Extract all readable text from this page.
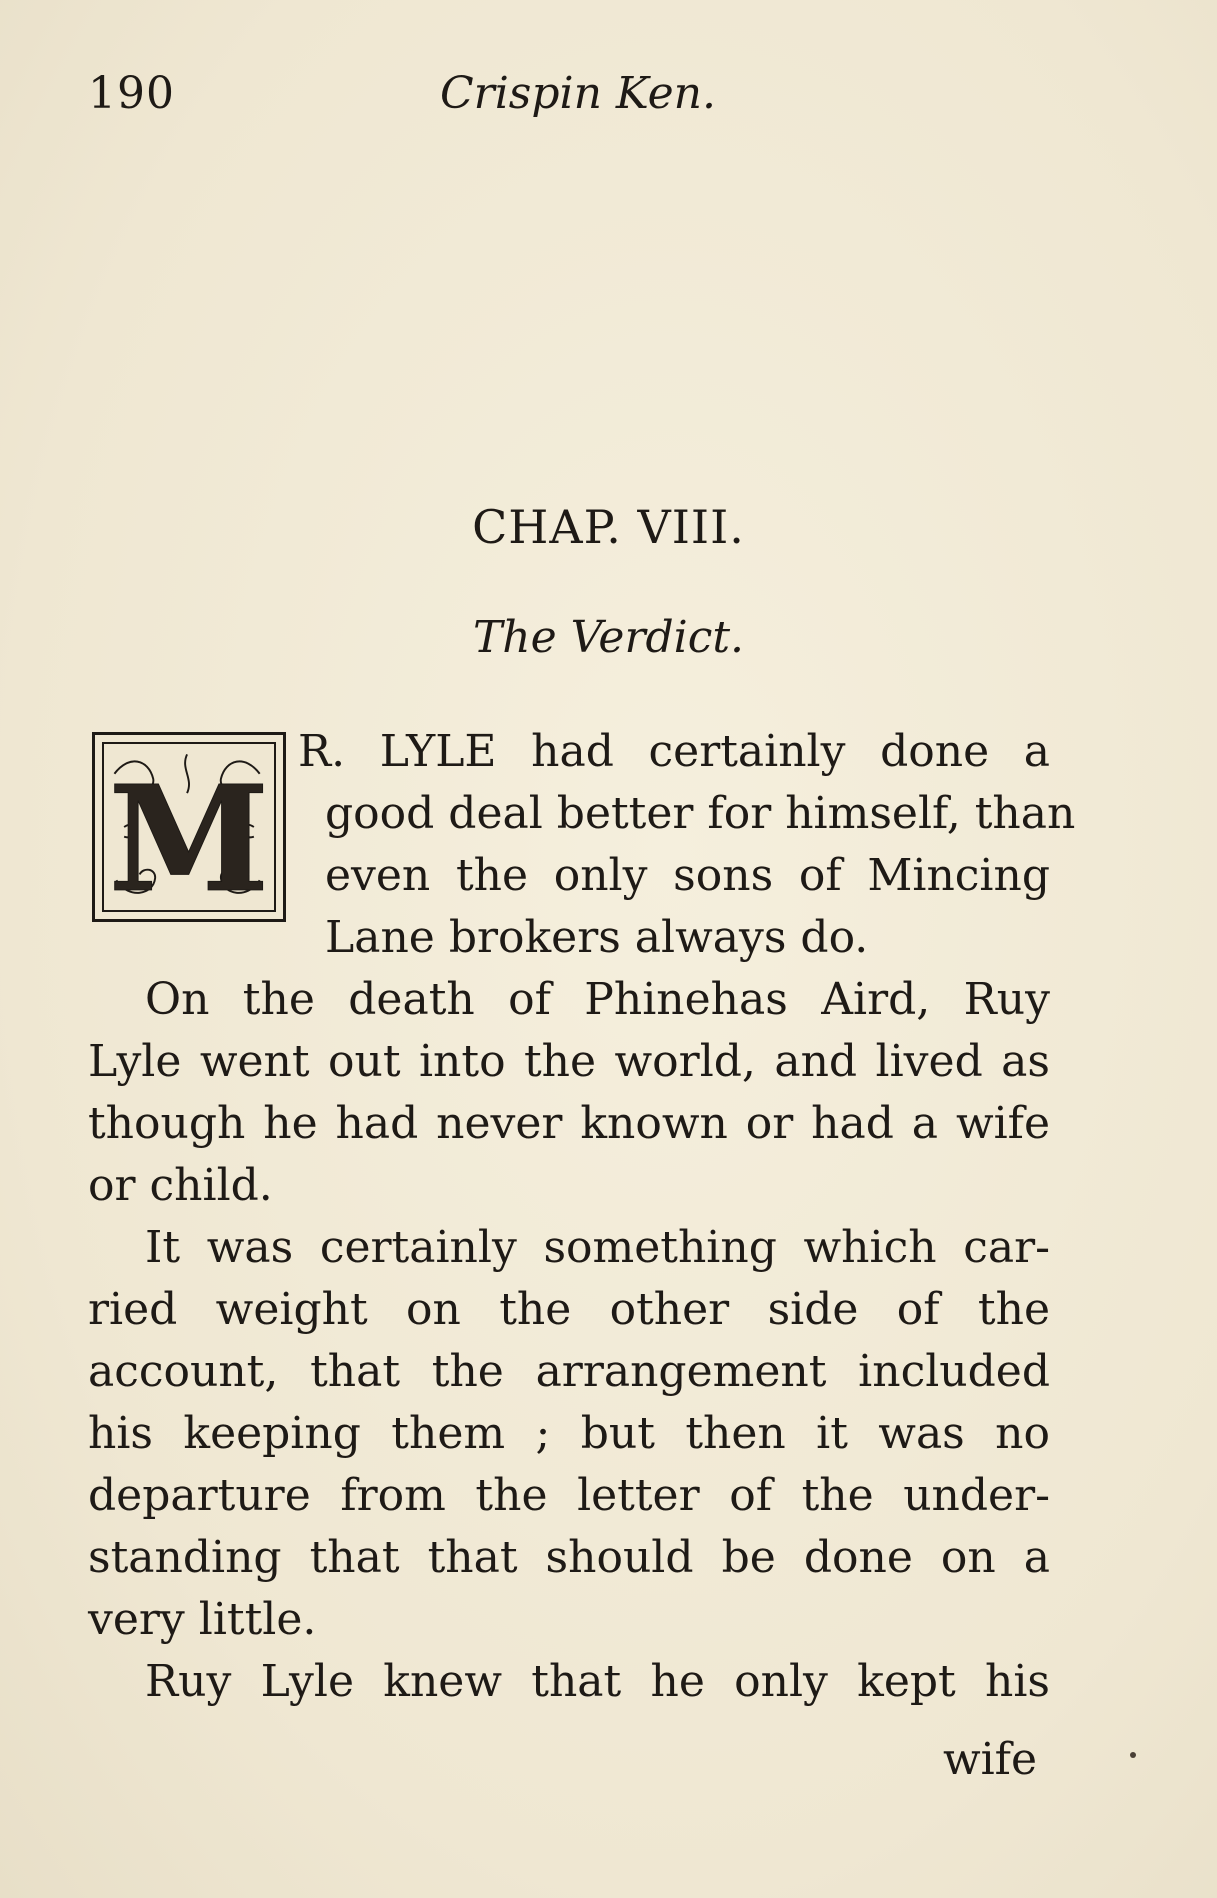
190	Crispin Ken.
CHAP. VIII.
The Verdict.
M
R. LYLE had certainly done a
good deal better for himself, than
even the only sons of Mincing
Lane brokers always do.
On the death of Phinehas Aird, Ruy
Lyle went out into the world, and lived as
though he had never known or had a wife
or child.
It was certainly something which car-
ried weight on the other side of the
account, that the arrangement included
his keeping them ; but then it was no
departure from the letter of the under-
standing that that should be done on a
very little.
Ruy Lyle knew that he only kept his
wife
